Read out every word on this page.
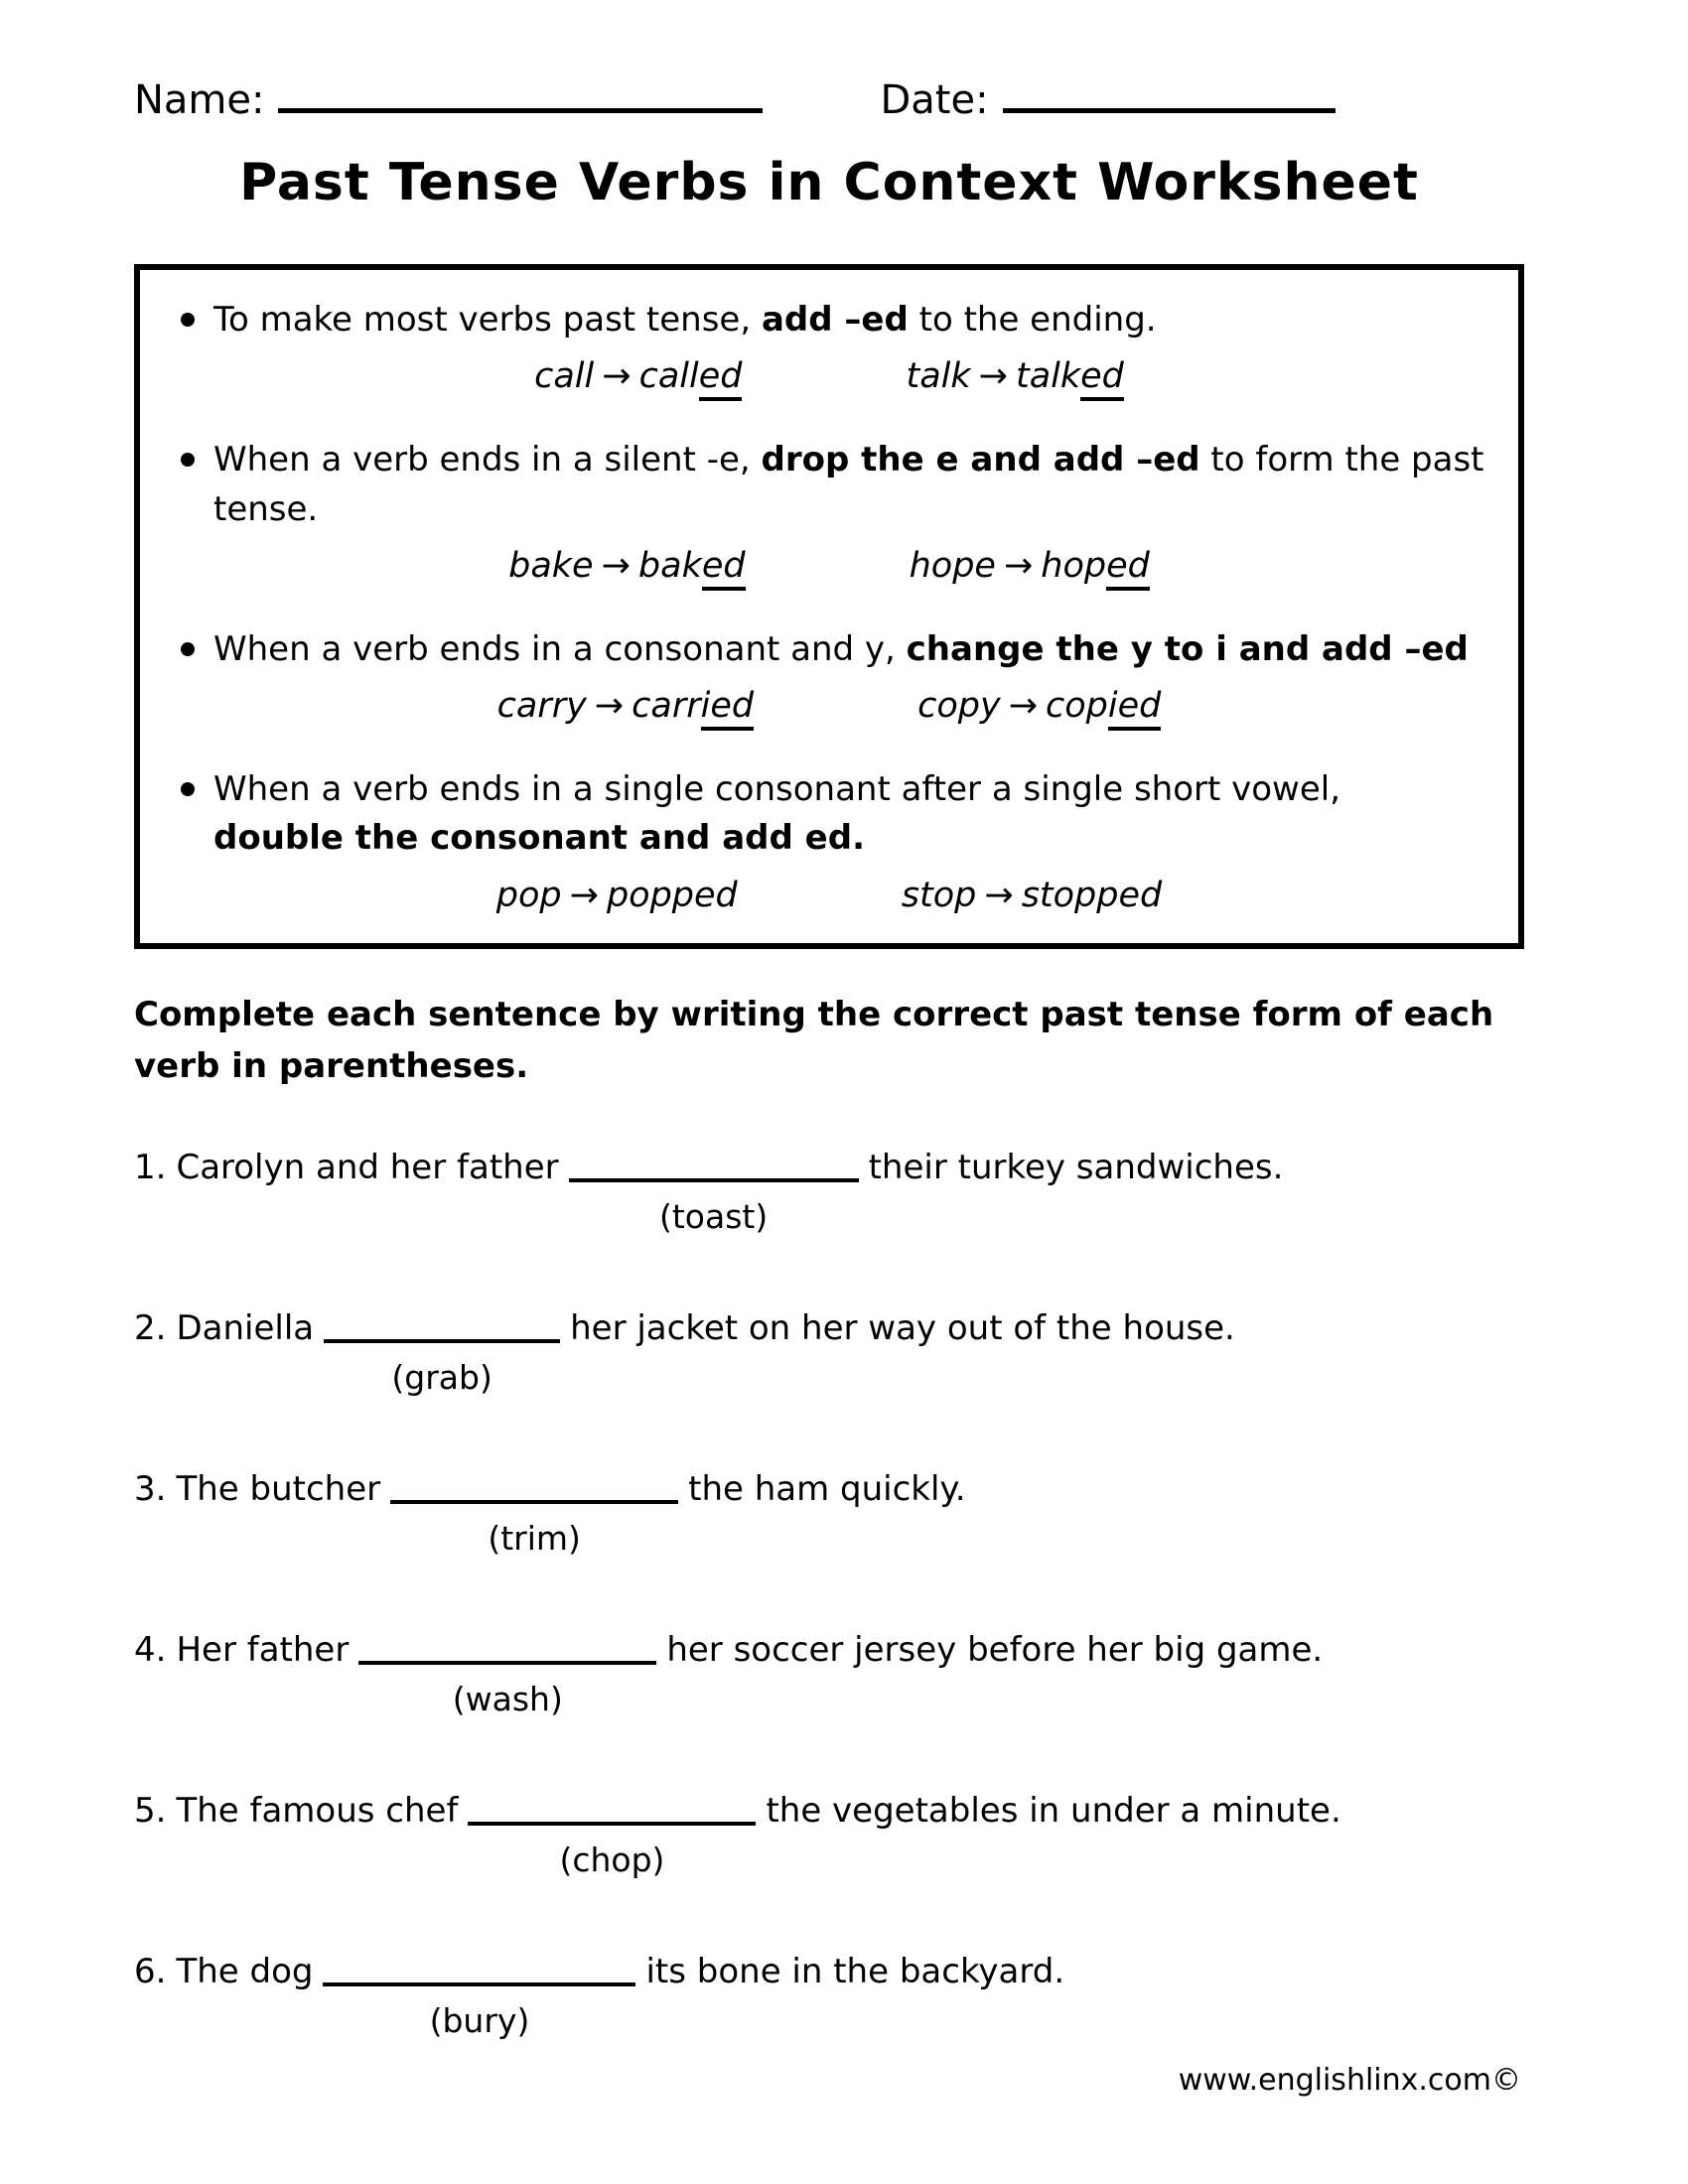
Name:	Date:
Past Tense Verbs in Context Worksheet
To make most verbs past tense, add –ed to the ending.
call → called	talk → talked
When a verb ends in a silent -e, drop the e and add –ed to form the past tense.
bake → baked	hope → hoped
When a verb ends in a consonant and y, change the y to i and add –ed
carry → carried	copy → copied
When a verb ends in a single consonant after a single short vowel,
double the consonant and add ed.
pop → popped	stop → stopped
Complete each sentence by writing the correct past tense form of each verb in parentheses.
1. Carolyn and her father
(toast)
their turkey sandwiches.
2. Daniella
(grab)
her jacket on her way out of the house.
3. The butcher
(trim)
the ham quickly.
4. Her father
(wash)
her soccer jersey before her big game.
5. The famous chef
(chop)
the vegetables in under a minute.
6. The dog
(bury)
its bone in the backyard.
www.englishlinx.com©
